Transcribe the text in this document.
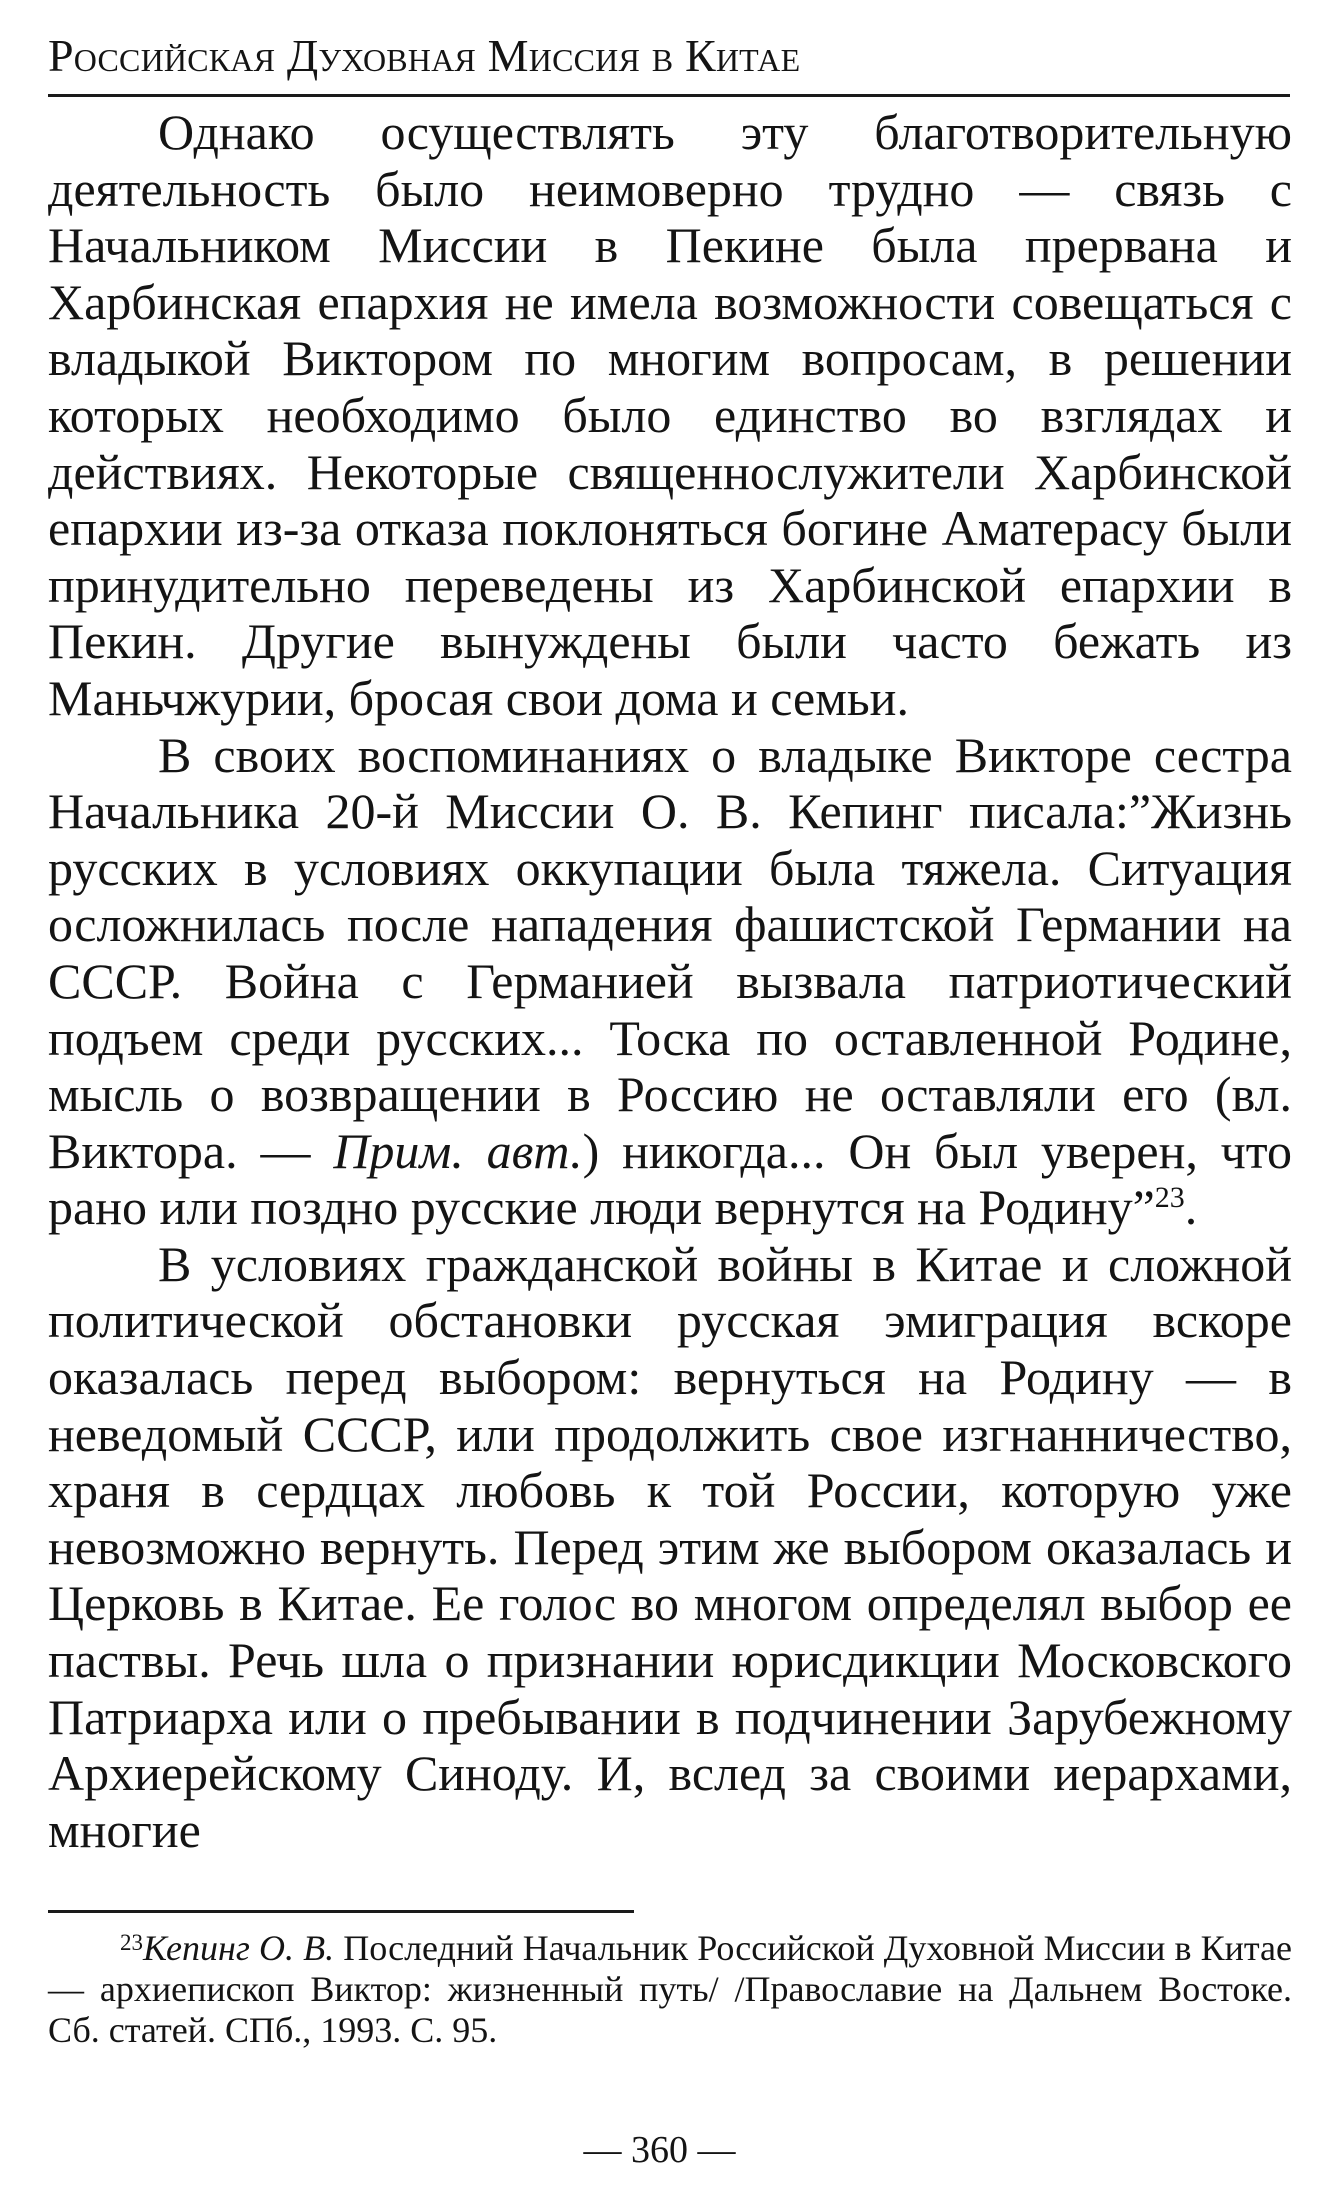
Российская Духовная Миссия в Китае

Однако осуществлять эту благотворительную деятельность было неимоверно трудно — связь с Начальником Миссии в Пекине была прервана и Харбинская епархия не имела возможности совещаться с владыкой Виктором по многим вопросам, в решении которых необходимо было единство во взглядах и действиях. Некоторые священнослужители Харбинской епархии из-за отказа поклоняться богине Аматерасу были принудительно переведены из Харбинской епархии в Пекин. Другие вынуждены были часто бежать из Маньчжурии, бросая свои дома и семьи.

В своих воспоминаниях о владыке Викторе сестра Начальника 20-й Миссии О. В. Кепинг писала:”Жизнь русских в условиях оккупации была тяжела. Ситуация осложнилась после нападения фашистской Германии на СССР. Война с Германией вызвала патриотический подъем среди русских... Тоска по оставленной Родине, мысль о возвращении в Россию не оставляли его (вл. Виктора. — Прим. авт.) никогда... Он был уверен, что рано или поздно русские люди вернутся на Родину”$^{23}$.

В условиях гражданской войны в Китае и сложной политической обстановки русская эмиграция вскоре оказалась перед выбором: вернуться на Родину — в неведомый СССР, или продолжить свое изгнанничество, храня в сердцах любовь к той России, которую уже невозможно вернуть. Перед этим же выбором оказалась и Церковь в Китае. Ее голос во многом определял выбор ее паствы. Речь шла о признании юрисдикции Московского Патриарха или о пребывании в подчинении Зарубежному Архиерейскому Синоду. И, вслед за своими иерархами, многие

$^{23}$Кепинг О. В. Последний Начальник Российской Духовной Миссии в Китае — архиепископ Виктор: жизненный путь/ /Православие на Дальнем Востоке. Сб. статей. СПб., 1993. С. 95.

— 360 —
